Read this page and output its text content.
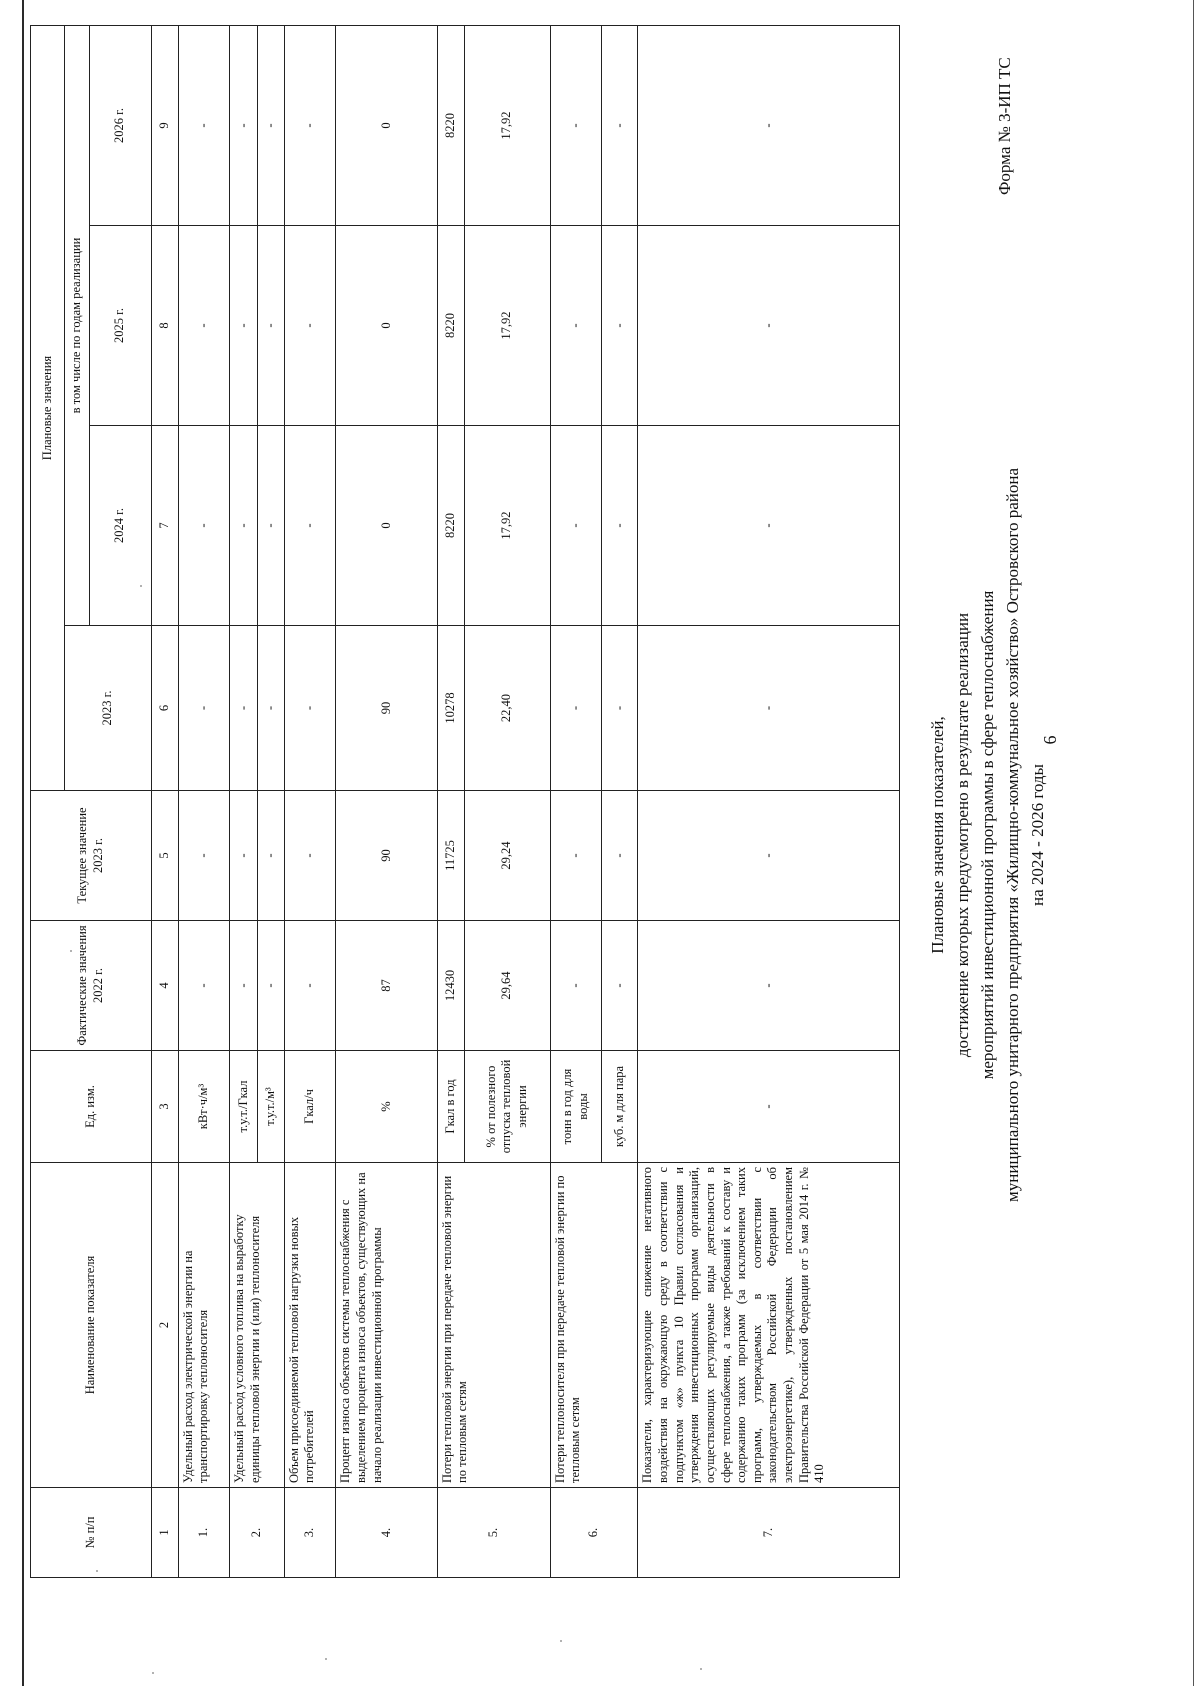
6
Форма № 3-ИП ТС
Плановые значения показателей, достижение которых предусмотрено в результате реализации мероприятий инвестиционной программы в сфере теплоснабжения муниципального унитарного предприятия «Жилищно-коммунальное хозяйство» Островского района на 2024 - 2026 годы
№ п/п	Наименование показателя	Ед. изм.	Фактические значения 2022 г.	Текущее значение 2023 г.	Плановые значения			
					2023 г.	в том числе по годам реализации		
						2024 г.	2025 г.	2026 г.
1	2	3	4	5	6	7	8	9
1.	Удельный расход электрической энергии на транспортировку теплоносителя	кВт·ч/м³	-	-	-	-	-	-
2.	Удельный расход условного топлива на выработку единицы тепловой энергии и (или) теплоносителя	т.у.т./Гкал	-	-	-	-	-	-
		т.у.т./м³	-	-	-	-	-	-
3.	Объем присоединяемой тепловой нагрузки новых потребителей	Гкал/ч	-	-	-	-	-	-
4.	Процент износа объектов системы теплоснабжения с выделением процента износа объектов, существующих на начало реализации инвестиционной программы	%	87	90	90	0	0	0
5.	Потери тепловой энергии при передаче тепловой энергии по тепловым сетям	Гкал в год	12430	11725	10278	8220	8220	8220
		% от полезного отпуска тепловой энергии	29,64	29,24	22,40	17,92	17,92	17,92
6.	Потери теплоносителя при передаче тепловой энергии по тепловым сетям	тонн в год для воды	-	-	-	-	-	-
		куб. м для пара	-	-	-	-	-	-
7.	Показатели, характеризующие снижение негативного воздействия на окружающую среду в соответствии с подпунктом «ж» пункта 10 Правил согласования и утверждения инвестиционных программ организаций, осуществляющих регулируемые виды деятельности в сфере теплоснабжения, а также требований к составу и содержанию таких программ (за исключением таких программ, утверждаемых в соответствии с законодательством Российской Федерации об электроэнергетике), утвержденных постановлением Правительства Российской Федерации от 5 мая 2014 г. № 410	-	-	-	-	-	-	-
